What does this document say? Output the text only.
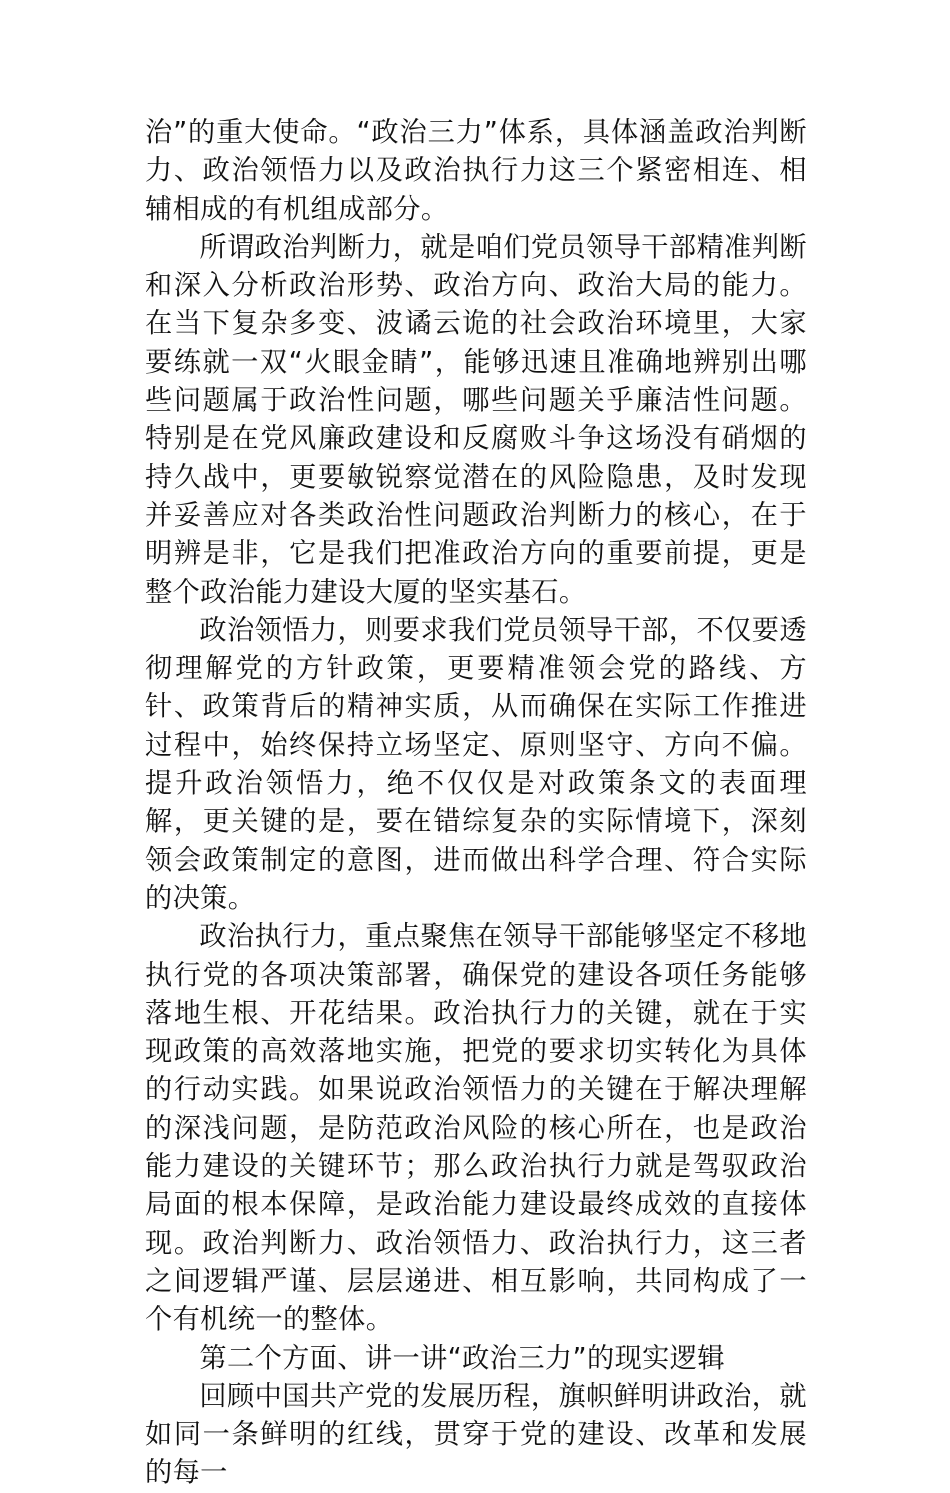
治”的重大使命。“政治三力”体系，具体涵盖政治判断力、政治领悟力以及政治执行力这三个紧密相连、相辅相成的有机组成部分。

所谓政治判断力，就是咱们党员领导干部精准判断和深入分析政治形势、政治方向、政治大局的能力。在当下复杂多变、波谲云诡的社会政治环境里，大家要练就一双“火眼金睛”，能够迅速且准确地辨别出哪些问题属于政治性问题，哪些问题关乎廉洁性问题。特别是在党风廉政建设和反腐败斗争这场没有硝烟的持久战中，更要敏锐察觉潜在的风险隐患，及时发现并妥善应对各类政治性问题政治判断力的核心，在于明辨是非，它是我们把准政治方向的重要前提，更是整个政治能力建设大厦的坚实基石。

政治领悟力，则要求我们党员领导干部，不仅要透彻理解党的方针政策，更要精准领会党的路线、方针、政策背后的精神实质，从而确保在实际工作推进过程中，始终保持立场坚定、原则坚守、方向不偏。提升政治领悟力，绝不仅仅是对政策条文的表面理解，更关键的是，要在错综复杂的实际情境下，深刻领会政策制定的意图，进而做出科学合理、符合实际的决策。

政治执行力，重点聚焦在领导干部能够坚定不移地执行党的各项决策部署，确保党的建设各项任务能够落地生根、开花结果。政治执行力的关键，就在于实现政策的高效落地实施，把党的要求切实转化为具体的行动实践。如果说政治领悟力的关键在于解决理解的深浅问题，是防范政治风险的核心所在，也是政治能力建设的关键环节；那么政治执行力就是驾驭政治局面的根本保障，是政治能力建设最终成效的直接体现。政治判断力、政治领悟力、政治执行力，这三者之间逻辑严谨、层层递进、相互影响，共同构成了一个有机统一的整体。

第二个方面、讲一讲“政治三力”的现实逻辑

回顾中国共产党的发展历程，旗帜鲜明讲政治，就如同一条鲜明的红线，贯穿于党的建设、改革和发展的每一
